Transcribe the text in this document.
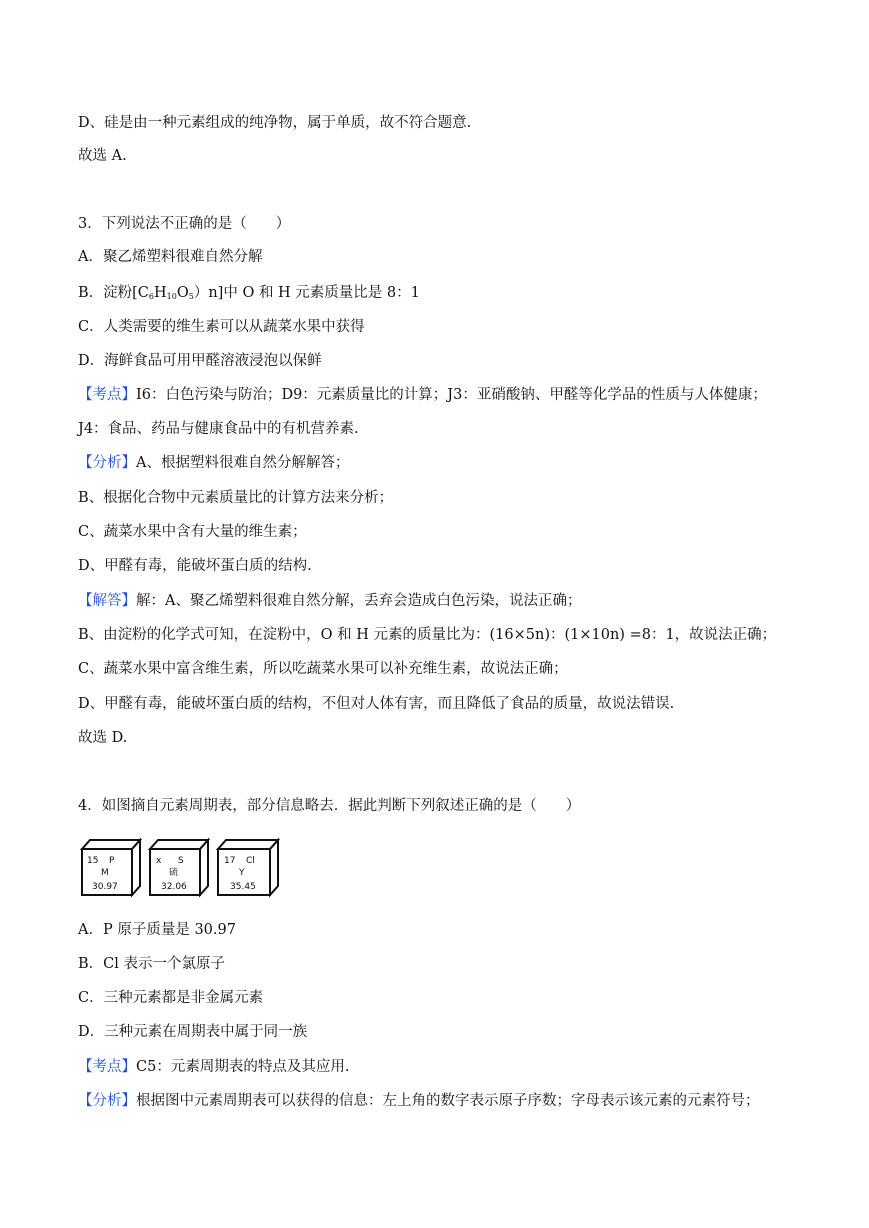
D、硅是由一种元素组成的纯净物，属于单质，故不符合题意.
故选 A.
3．下列说法不正确的是（　　）
A．聚乙烯塑料很难自然分解
B．淀粉$[C_6H_{10}O_5)n$]中 O 和 H 元素质量比是 8：1
C．人类需要的维生素可以从蔬菜水果中获得
D．海鲜食品可用甲醛溶液浸泡以保鲜
【考点】I6：白色污染与防治；D9：元素质量比的计算；J3：亚硝酸钠、甲醛等化学品的性质与人体健康；
J4：食品、药品与健康食品中的有机营养素.
【分析】A、根据塑料很难自然分解解答；
B、根据化合物中元素质量比的计算方法来分析；
C、蔬菜水果中含有大量的维生素；
D、甲醛有毒，能破坏蛋白质的结构.
【解答】解：A、聚乙烯塑料很难自然分解，丢弃会造成白色污染，说法正确；
B、由淀粉的化学式可知，在淀粉中，O 和 H 元素的质量比为：(16×5n)：(1×10n) =8：1，故说法正确；
C、蔬菜水果中富含维生素，所以吃蔬菜水果可以补充维生素，故说法正确；
D、甲醛有毒，能破坏蛋白质的结构，不但对人体有害，而且降低了食品的质量，故说法错误.
故选 D.
4．如图摘自元素周期表，部分信息略去．据此判断下列叙述正确的是（　　）
15 P
M
30.97
x S
硫
32.06
17 Cl
Y
35.45
A．P 原子质量是 30.97
B．Cl 表示一个氯原子
C．三种元素都是非金属元素
D．三种元素在周期表中属于同一族
【考点】C5：元素周期表的特点及其应用.
【分析】根据图中元素周期表可以获得的信息：左上角的数字表示原子序数；字母表示该元素的元素符号；
